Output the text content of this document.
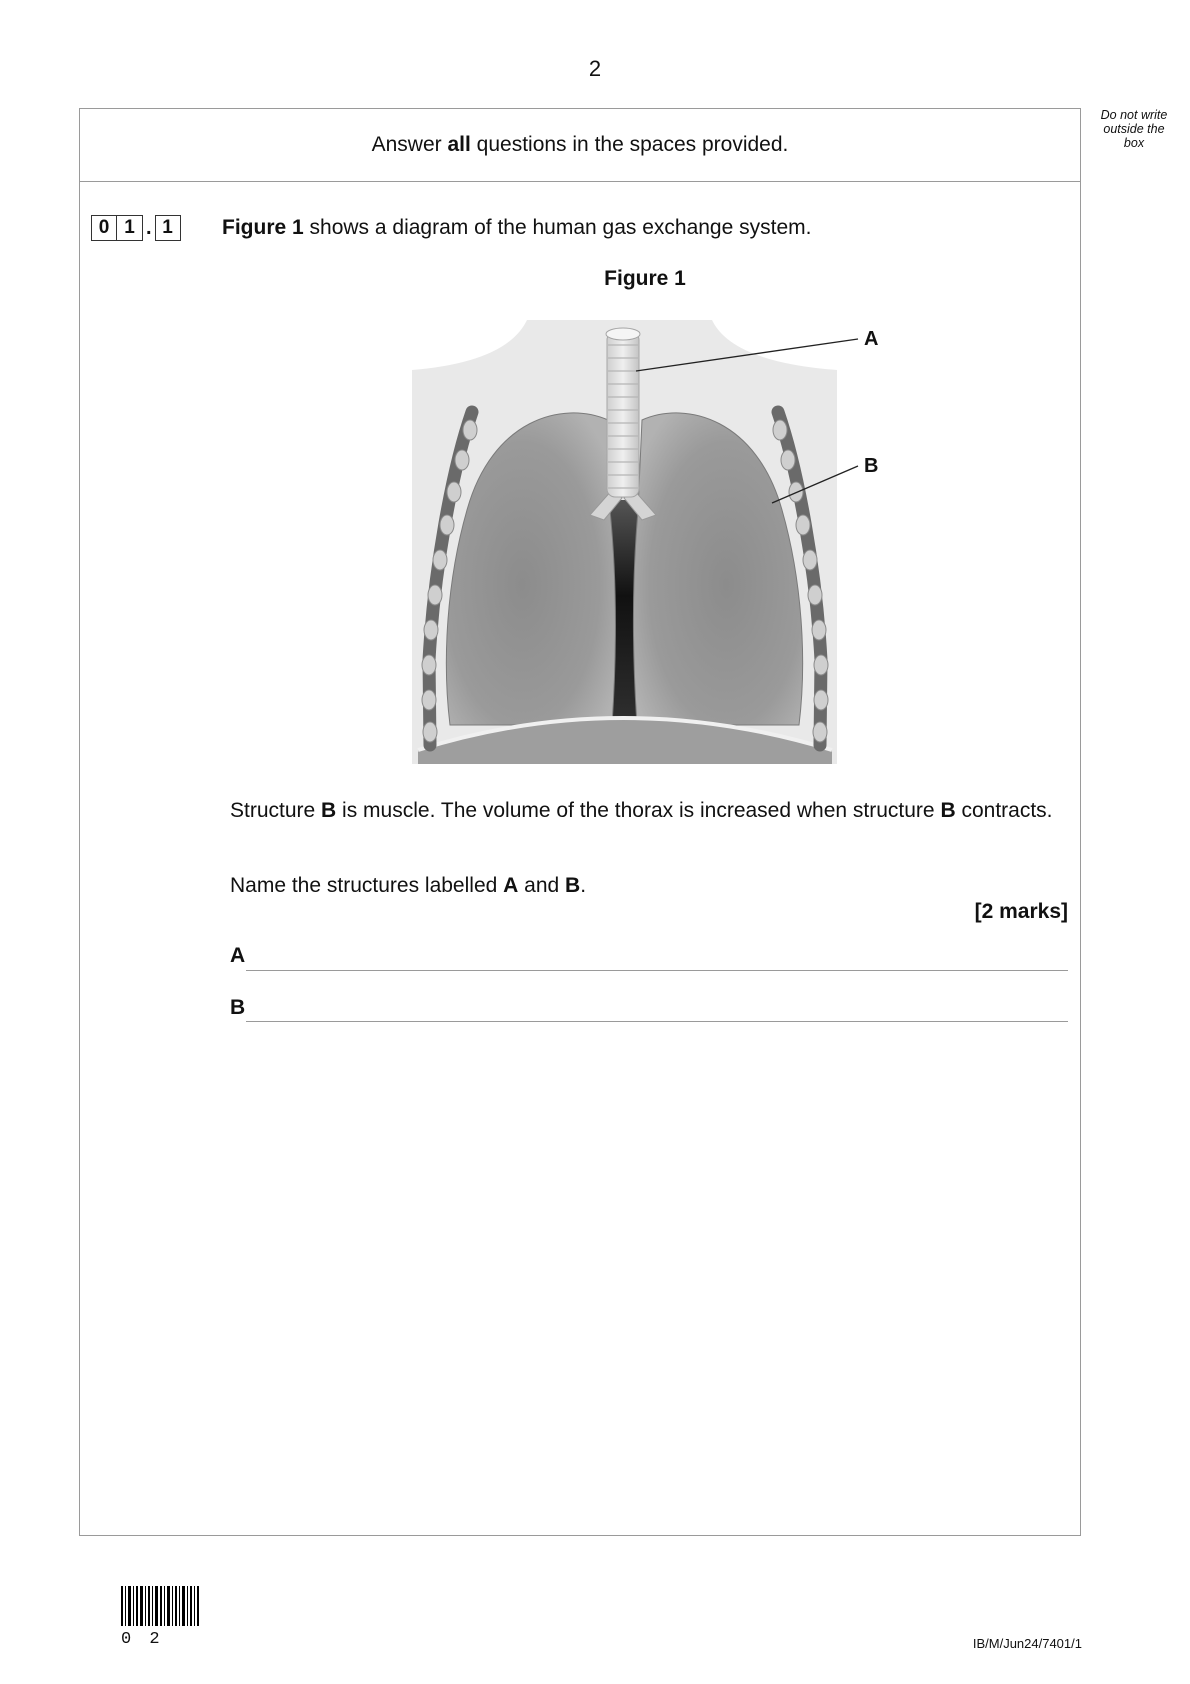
2
Do not write
outside the
box
Answer all questions in the spaces provided.
0 1 . 1	Figure 1 shows a diagram of the human gas exchange system.
Figure 1
A
B
Structure B is muscle. The volume of the thorax is increased when structure B contracts.
Name the structures labelled A and B.
[2 marks]
A
B
0 2	IB/M/Jun24/7401/1
